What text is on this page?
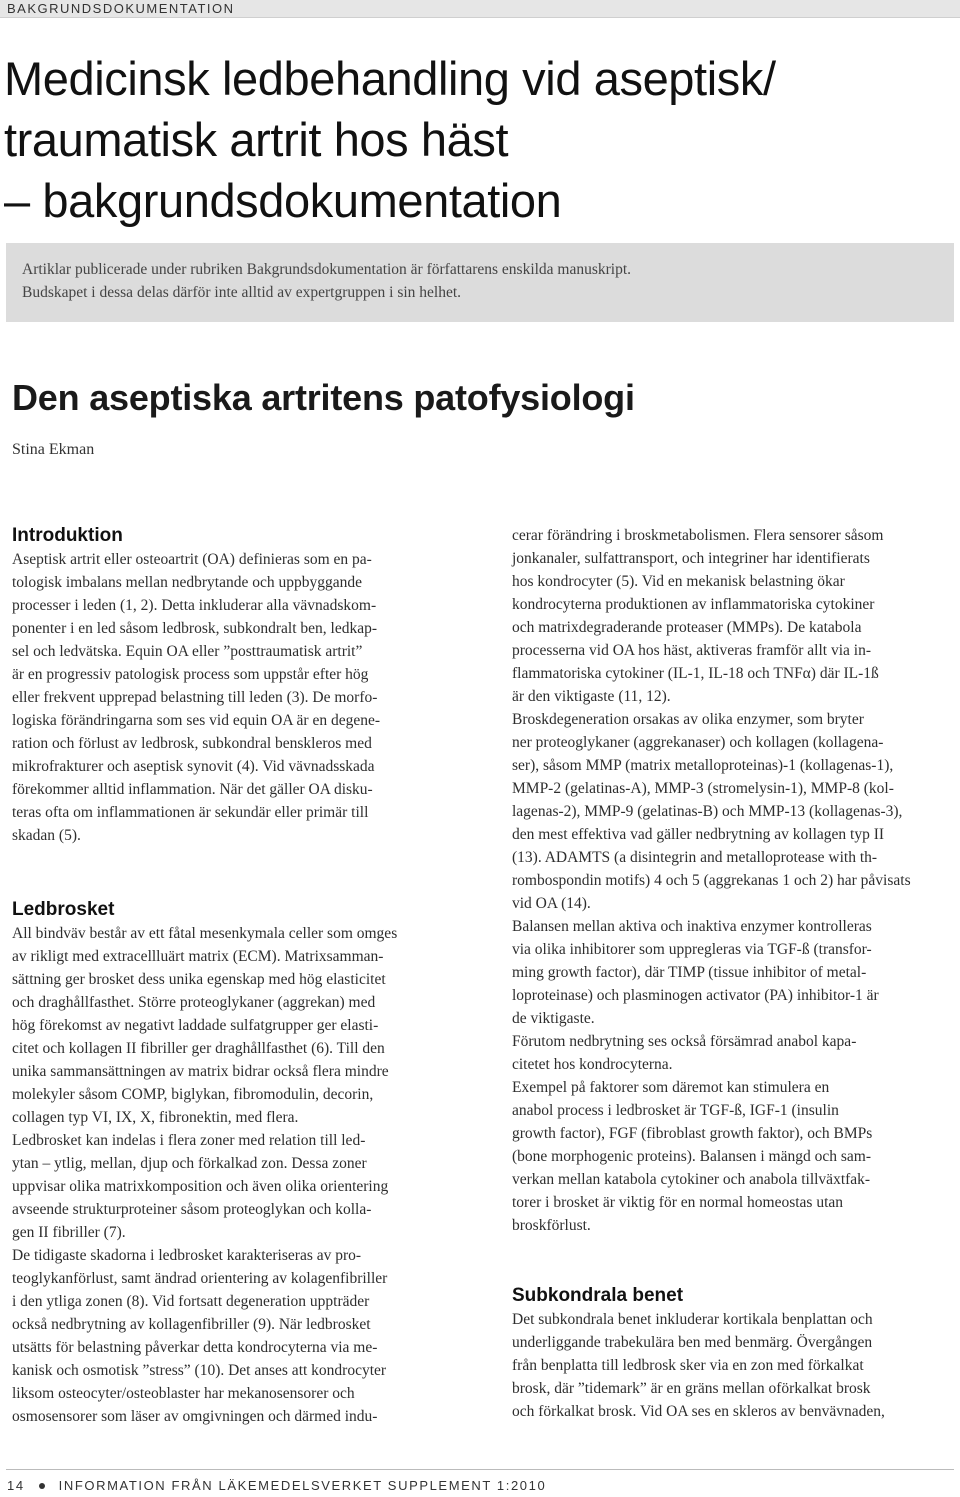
BAKGRUNDSDOKUMENTATION
Medicinsk ledbehandling vid aseptisk/
traumatisk artrit hos häst
– bakgrundsdokumentation
Artiklar publicerade under rubriken Bakgrundsdokumentation är författarens enskilda manuskript.
Budskapet i dessa delas därför inte alltid av expertgruppen i sin helhet.
Den aseptiska artritens patofysiologi
Stina Ekman
Introduktion
Aseptisk artrit eller osteoartrit (OA) definieras som en pa-
tologisk imbalans mellan nedbrytande och uppbyggande
processer i leden (1, 2). Detta inkluderar alla vävnadskom-
ponenter i en led såsom ledbrosk, subkondralt ben, ledkap-
sel och ledvätska. Equin OA eller ”posttraumatisk artrit”
är en progressiv patologisk process som uppstår efter hög
eller frekvent upprepad belastning till leden (3). De morfo-
logiska förändringarna som ses vid equin OA är en degene-
ration och förlust av ledbrosk, subkondral benskleros med
mikrofrakturer och aseptisk synovit (4). Vid vävnadsskada
förekommer alltid inflammation. När det gäller OA disku-
teras ofta om inflammationen är sekundär eller primär till
skadan (5).
Ledbrosket
All bindväv består av ett fåtal mesenkymala celler som omges
av rikligt med extracellluärt matrix (ECM). Matrixsamman-
sättning ger brosket dess unika egenskap med hög elasticitet
och draghållfasthet. Större proteoglykaner (aggrekan) med
hög förekomst av negativt laddade sulfatgrupper ger elasti-
citet och kollagen II fibriller ger draghållfasthet (6). Till den
unika sammansättningen av matrix bidrar också flera mindre
molekyler såsom COMP, biglykan, fibromodulin, decorin,
collagen typ VI, IX, X, fibronektin, med flera.
Ledbrosket kan indelas i flera zoner med relation till led-
ytan – ytlig, mellan, djup och förkalkad zon. Dessa zoner
uppvisar olika matrixkomposition och även olika orientering
avseende strukturproteiner såsom proteoglykan och kolla-
gen II fibriller (7).
De tidigaste skadorna i ledbrosket karakteriseras av pro-
teoglykanförlust, samt ändrad orientering av kolagenfibriller
i den ytliga zonen (8). Vid fortsatt degeneration uppträder
också nedbrytning av kollagenfibriller (9). När ledbrosket
utsätts för belastning påverkar detta kondrocyterna via me-
kanisk och osmotisk ”stress” (10). Det anses att kondrocyter
liksom osteocyter/osteoblaster har mekanosensorer och
osmosensorer som läser av omgivningen och därmed indu-
cerar förändring i broskmetabolismen. Flera sensorer såsom
jonkanaler, sulfattransport, och integriner har identifierats
hos kondrocyter (5). Vid en mekanisk belastning ökar
kondrocyterna produktionen av inflammatoriska cytokiner
och matrixdegraderande proteaser (MMPs). De katabola
processerna vid OA hos häst, aktiveras framför allt via in-
flammatoriska cytokiner (IL-1, IL-18 och TNFα) där IL-1ß
är den viktigaste (11, 12).
Broskdegeneration orsakas av olika enzymer, som bryter
ner proteoglykaner (aggrekanaser) och kollagen (kollagena-
ser), såsom MMP (matrix metalloproteinas)-1 (kollagenas-1),
MMP-2 (gelatinas-A), MMP-3 (stromelysin-1), MMP-8 (kol-
lagenas-2), MMP-9 (gelatinas-B) och MMP-13 (kollagenas-3),
den mest effektiva vad gäller nedbrytning av kollagen typ II
(13). ADAMTS (a disintegrin and metalloprotease with th-
rombospondin motifs) 4 och 5 (aggrekanas 1 och 2) har påvisats
vid OA (14).
Balansen mellan aktiva och inaktiva enzymer kontrolleras
via olika inhibitorer som uppregleras via TGF-ß (transfor-
ming growth factor), där TIMP (tissue inhibitor of metal-
loproteinase) och plasminogen activator (PA) inhibitor-1 är
de viktigaste.
Förutom nedbrytning ses också försämrad anabol kapa-
citetet hos kondrocyterna.
Exempel på faktorer som däremot kan stimulera en
anabol process i ledbrosket är TGF-ß, IGF-1 (insulin
growth factor), FGF (fibroblast growth faktor), och BMPs
(bone morphogenic proteins). Balansen i mängd och sam-
verkan mellan katabola cytokiner och anabola tillväxtfak-
torer i brosket är viktig för en normal homeostas utan
broskförlust.
Subkondrala benet
Det subkondrala benet inkluderar kortikala benplattan och
underliggande trabekulära ben med benmärg. Övergången
från benplatta till ledbrosk sker via en zon med förkalkat
brosk, där ”tidemark” är en gräns mellan oförkalkat brosk
och förkalkat brosk. Vid OA ses en skleros av benvävnaden,
14	INFORMATION FRÅN LÄKEMEDELSVERKET SUPPLEMENT 1:2010
